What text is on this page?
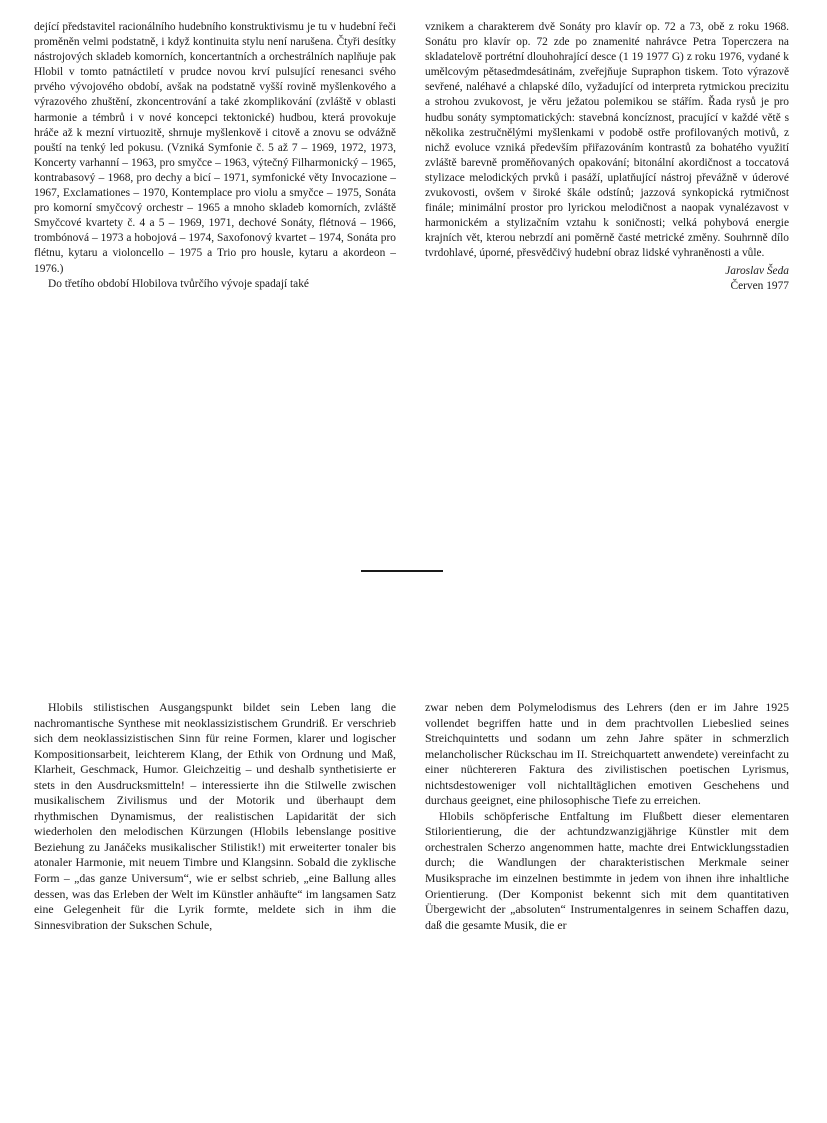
dející představitel racionálního hudebního konstruktivismu je tu v hudební řeči proměněn velmi podstatně, i když kontinuita stylu není narušena. Čtyři desítky nástrojových skladeb komorních, koncertantních a orchestrálních naplňuje pak Hlobil v tomto patnáctiletí v prudce novou krví pulsující renesanci svého prvého vývojového období, avšak na podstatně vyšší rovině myšlenkového a výrazového zhuštění, zkoncentrování a také zkomplikování (zvláště v oblasti harmonie a témbrů i v nové koncepci tektonické) hudbou, která provokuje hráče až k mezní virtuozitě, shrnuje myšlenkově i citově a znovu se odvážně pouští na tenký led pokusu. (Vzniká Symfonie č. 5 až 7 – 1969, 1972, 1973, Koncerty varhanní – 1963, pro smyčce – 1963, výtečný Filharmonický – 1965, kontrabasový – 1968, pro dechy a bicí – 1971, symfonické věty Invocazione – 1967, Exclamationes – 1970, Kontemplace pro violu a smyčce – 1975, Sonáta pro komorní smyčcový orchestr – 1965 a mnoho skladeb komorních, zvláště Smyčcové kvartety č. 4 a 5 – 1969, 1971, dechové Sonáty, flétnová – 1966, trombónová – 1973 a hobojová – 1974, Saxofonový kvartet – 1974, Sonáta pro flétnu, kytaru a violoncello – 1975 a Trio pro housle, kytaru a akordeon – 1976.)

Do třetího období Hlobilova tvůrčího vývoje spadají také

vznikem a charakterem dvě Sonáty pro klavír op. 72 a 73, obě z roku 1968. Sonátu pro klavír op. 72 zde po znamenité nahrávce Petra Toperczera na skladatelově portrétní dlouhohrající desce (1 19 1977 G) z roku 1976, vydané k umělcovým pětasedmdesátinám, zveřejňuje Supraphon tiskem. Toto výrazově sevřené, naléhavé a chlapské dílo, vyžadující od interpreta rytmickou precizitu a strohou zvukovost, je věru ježatou polemikou se stářím. Řada rysů je pro hudbu sonáty symptomatických: stavebná koncíznost, pracující v každé větě s několika zestručnělými myšlenkami v podobě ostře profilovaných motivů, z nichž evoluce vzniká především přiřazováním kontrastů za bohatého využití zvláště barevně proměňovaných opakování; bitonální akordičnost a toccatová stylizace melodických prvků i pasáží, uplatňující nástroj převážně v úderové zvukovosti, ovšem v široké škále odstínů; jazzová synkopická rytmičnost finále; minimální prostor pro lyrickou melodičnost a naopak vynalézavost v harmonickém a stylizačním vztahu k soničnosti; velká pohybová energie krajních vět, kterou nebrzdí ani poměrně časté metrické změny. Souhrnně dílo tvrdohlavé, úporné, přesvědčivý hudební obraz lidské vyhraněnosti a vůle.

Jaroslav Šeda

Červen 1977

Hlobils stilistischen Ausgangspunkt bildet sein Leben lang die nachromantische Synthese mit neoklassizistischem Grundriß. Er verschrieb sich dem neoklassizistischen Sinn für reine Formen, klarer und logischer Kompositionsarbeit, leichterem Klang, der Ethik von Ordnung und Maß, Klarheit, Geschmack, Humor. Gleichzeitig – und deshalb synthetisierte er stets in den Ausdrucksmitteln! – interessierte ihn die Stilwelle zwischen musikalischem Zivilismus und der Motorik und überhaupt dem rhythmischen Dynamismus, der realistischen Lapidarität der sich wiederholen den melodischen Kürzungen (Hlobils lebenslange positive Beziehung zu Janáčeks musikalischer Stilistik!) mit erweiterter tonaler bis atonaler Harmonie, mit neuem Timbre und Klangsinn. Sobald die zyklische Form – „das ganze Universum“, wie er selbst schrieb, „eine Ballung alles dessen, was das Erleben der Welt im Künstler anhäufte“ im langsamen Satz eine Gelegenheit für die Lyrik formte, meldete sich in ihm die Sinnesvibration der Sukschen Schule,

zwar neben dem Polymelodismus des Lehrers (den er im Jahre 1925 vollendet begriffen hatte und in dem prachtvollen Liebeslied seines Streichquintetts und sodann um zehn Jahre später in schmerzlich melancholischer Rückschau im II. Streichquartett anwendete) vereinfacht zu einer nüchtereren Faktura des zivilistischen poetischen Lyrismus, nichtsdestoweniger voll nichtalltäglichen emotiven Geschehens und durchaus geeignet, eine philosophische Tiefe zu erreichen.

Hlobils schöpferische Entfaltung im Flußbett dieser elementaren Stilorientierung, die der achtundzwanzigjährige Künstler mit dem orchestralen Scherzo angenommen hatte, machte drei Entwicklungsstadien durch; die Wandlungen der charakteristischen Merkmale seiner Musiksprache im einzelnen bestimmte in jedem von ihnen ihre inhaltliche Orientierung. (Der Komponist bekennt sich mit dem quantitativen Übergewicht der „absoluten“ Instrumentalgenres in seinem Schaffen dazu, daß die gesamte Musik, die er
